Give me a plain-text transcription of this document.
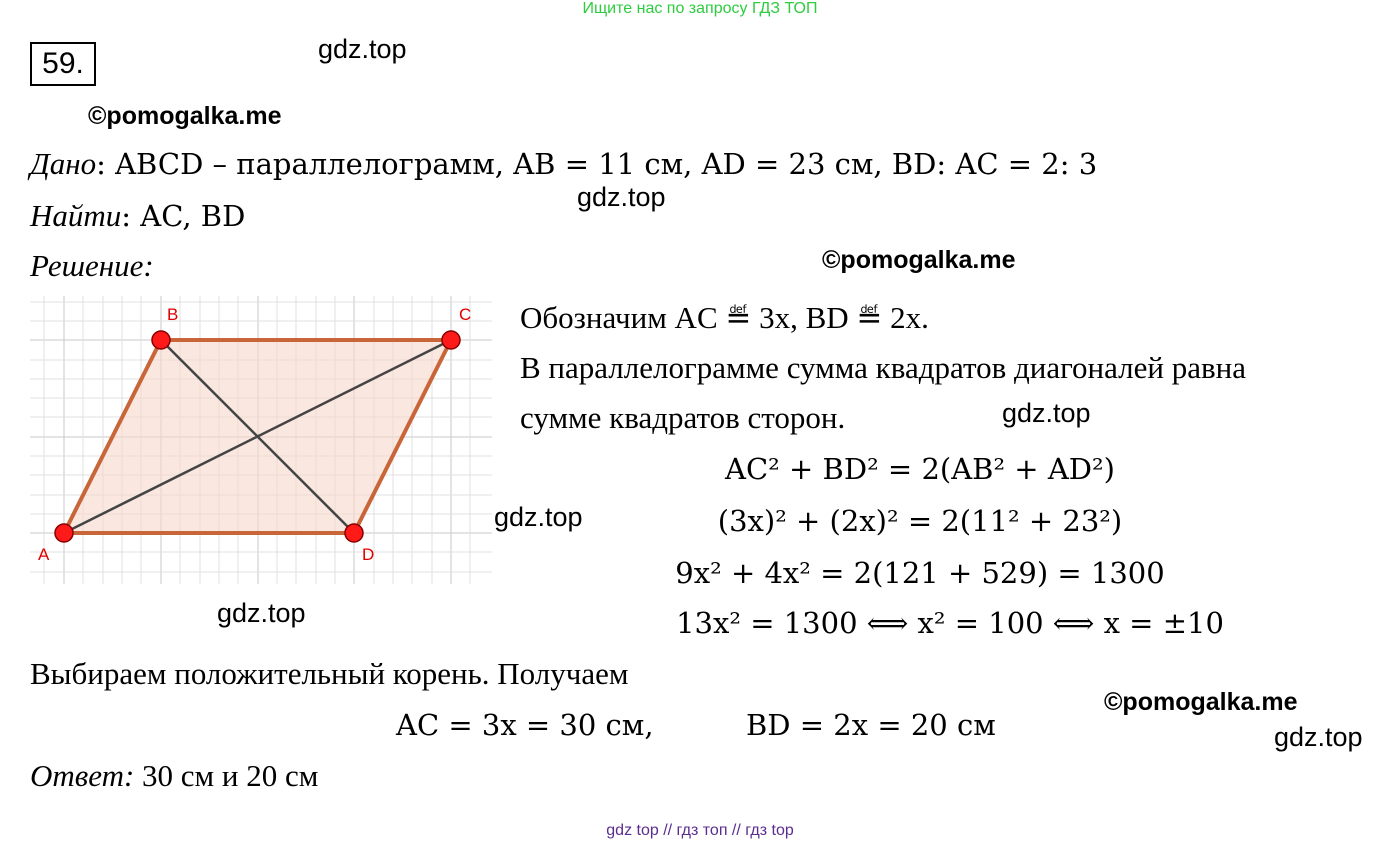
Ищите нас по запросу ГДЗ ТОП
59.	gdz.top
©pomogalka.me
Дано: ABCD – параллелограмм, AB = 11 см, AD = 23 см, BD: AC = 2: 3
gdz.top
Найти: AC, BD
Решение:	©pomogalka.me
A
B	C
D
Обозначим AC ≝ 3x, BD ≝ 2x.
В параллелограмме сумма квадратов диагоналей равна
сумме квадратов сторон.	gdz.top
AC² + BD² = 2(AB² + AD²)
gdz.top	(3x)² + (2x)² = 2(11² + 23²)
9x² + 4x² = 2(121 + 529) = 1300
gdz.top	13x² = 1300 ⟺ x² = 100 ⟺ x = ±10
Выбираем положительный корень. Получаем
©pomogalka.me
AC = 3x = 30 см,	BD = 2x = 20 см	gdz.top
Ответ: 30 см и 20 см
gdz top // гдз топ // гдз top
